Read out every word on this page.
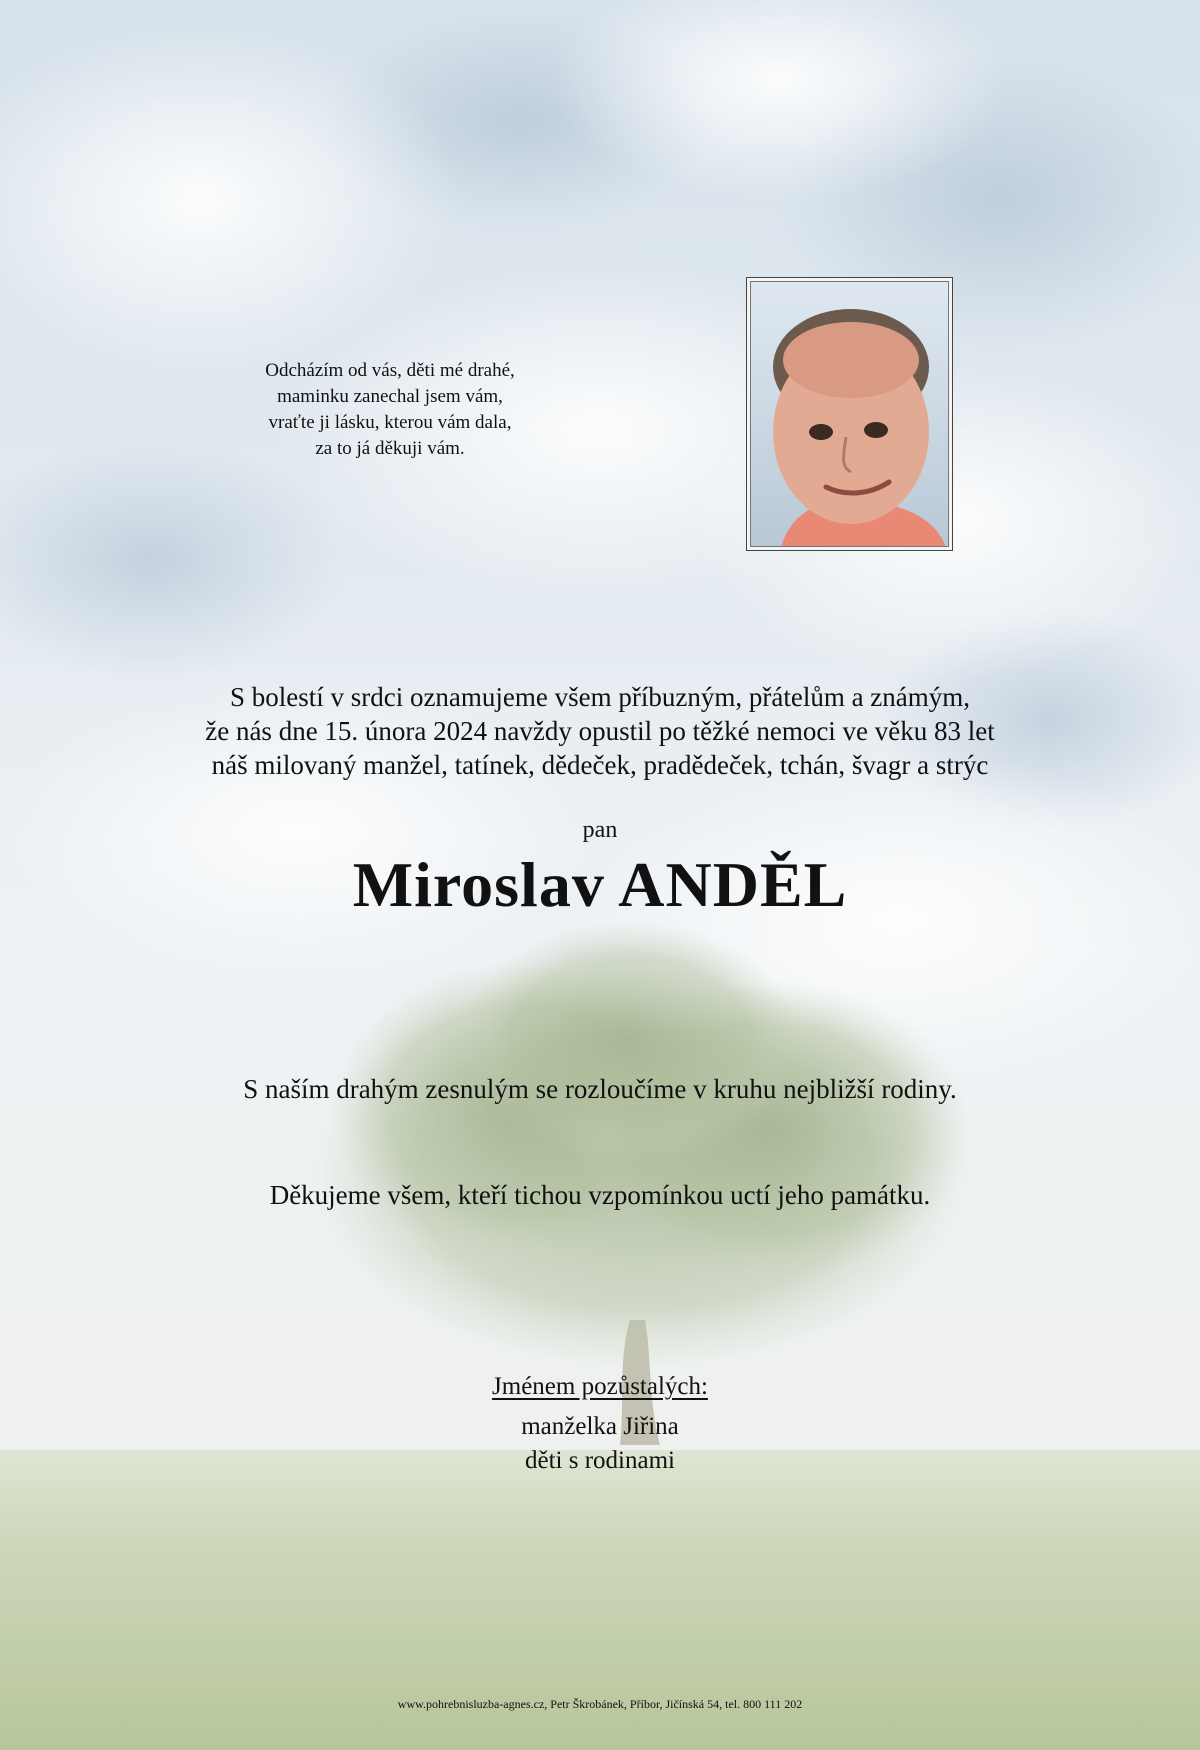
Odcházím od vás, děti mé drahé,
maminku zanechal jsem vám,
vraťte ji lásku, kterou vám dala,
za to já děkuji vám.
S bolestí v srdci oznamujeme všem příbuzným, přátelům a známým,
že nás dne 15. února 2024 navždy opustil po těžké nemoci ve věku 83 let
náš milovaný manžel, tatínek, dědeček, pradědeček, tchán, švagr a strýc
pan
Miroslav ANDĚL
S naším drahým zesnulým se rozloučíme v kruhu nejbližší rodiny.
Děkujeme všem, kteří tichou vzpomínkou uctí jeho památku.
Jménem pozůstalých:
manželka Jiřina
děti s rodinami
www.pohrebnisluzba-agnes.cz, Petr Škrobánek, Příbor, Jičínská 54, tel. 800 111 202
